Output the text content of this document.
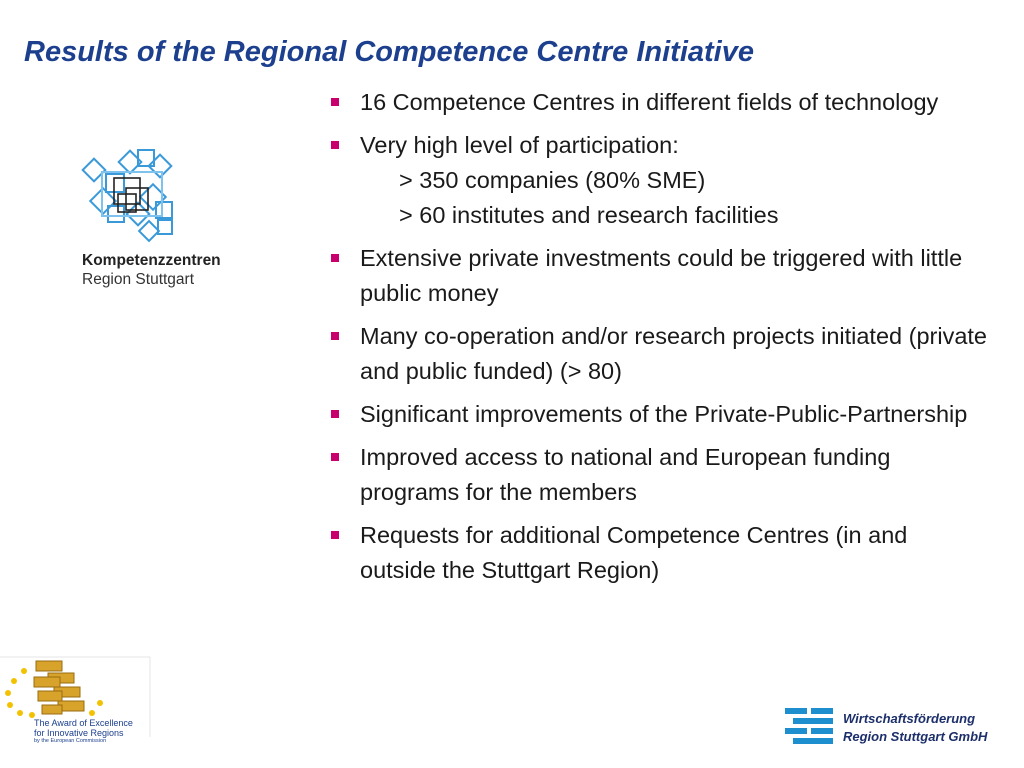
Results of the Regional Competence Centre Initiative
16 Competence Centres in different fields of technology
Very high level of participation:
> 350 companies (80% SME)
> 60 institutes and research facilities
Extensive private investments could be triggered with little public money
Many co-operation and/or research projects initiated (private and public funded) (> 80)
Significant improvements of the Private-Public-Partnership
Improved access to national and European funding programs for the members
Requests for additional Competence Centres (in and outside the Stuttgart Region)
Kompetenzzentren
Region Stuttgart
The Award of Excellence
for Innovative Regions
by the European Commission
Wirtschaftsförderung
Region Stuttgart GmbH
